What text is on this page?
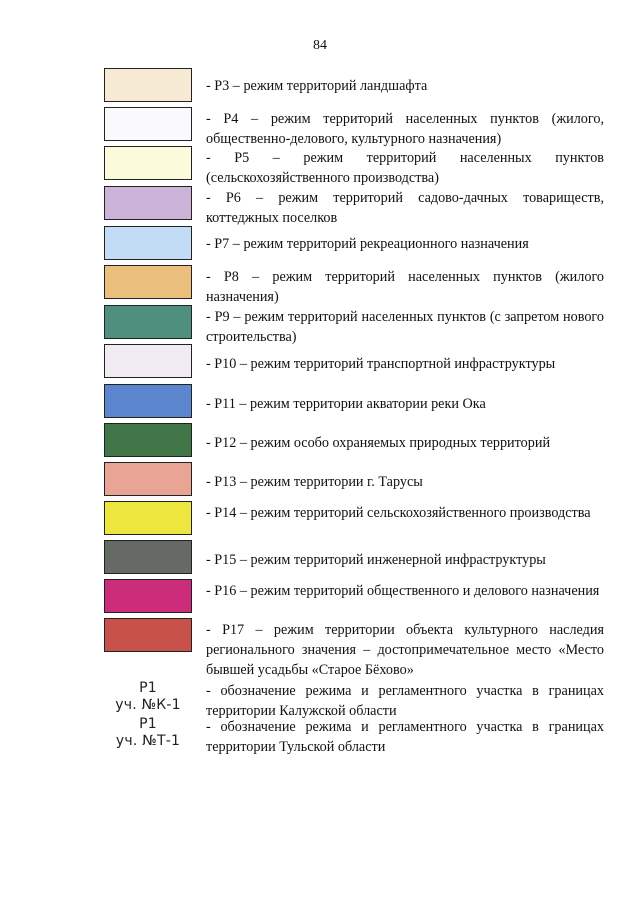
84
- Р3 – режим территорий ландшафта
- Р4 – режим территорий населенных пунктов (жилого, общественно-делового, культурного назначения)
- Р5 – режим территорий населенных пунктов (сельскохозяйственного производства)
- Р6 – режим территорий садово-дачных товариществ, коттеджных поселков
- Р7 – режим территорий рекреационного назначения
- Р8 – режим территорий населенных пунктов (жилого назначения)
- Р9 – режим территорий населенных пунктов (с запретом нового строительства)
- Р10 – режим территорий транспортной инфраструктуры
- Р11 – режим территории акватории реки Ока
- Р12 – режим особо охраняемых природных территорий
- Р13 – режим территории г. Тарусы
- Р14 – режим территорий сельскохозяйственного производства
- Р15 – режим территорий инженерной инфраструктуры
- Р16 – режим территорий общественного и делового назначения
- Р17 – режим территории объекта культурного наследия регионального значения – достопримечательное место «Место бывшей усадьбы «Старое Бёхово»
Р1
уч. №К-1
- обозначение режима и регламентного участка в границах территории Калужской области
Р1
уч. №Т-1
- обозначение режима и регламентного участка в границах территории Тульской области
